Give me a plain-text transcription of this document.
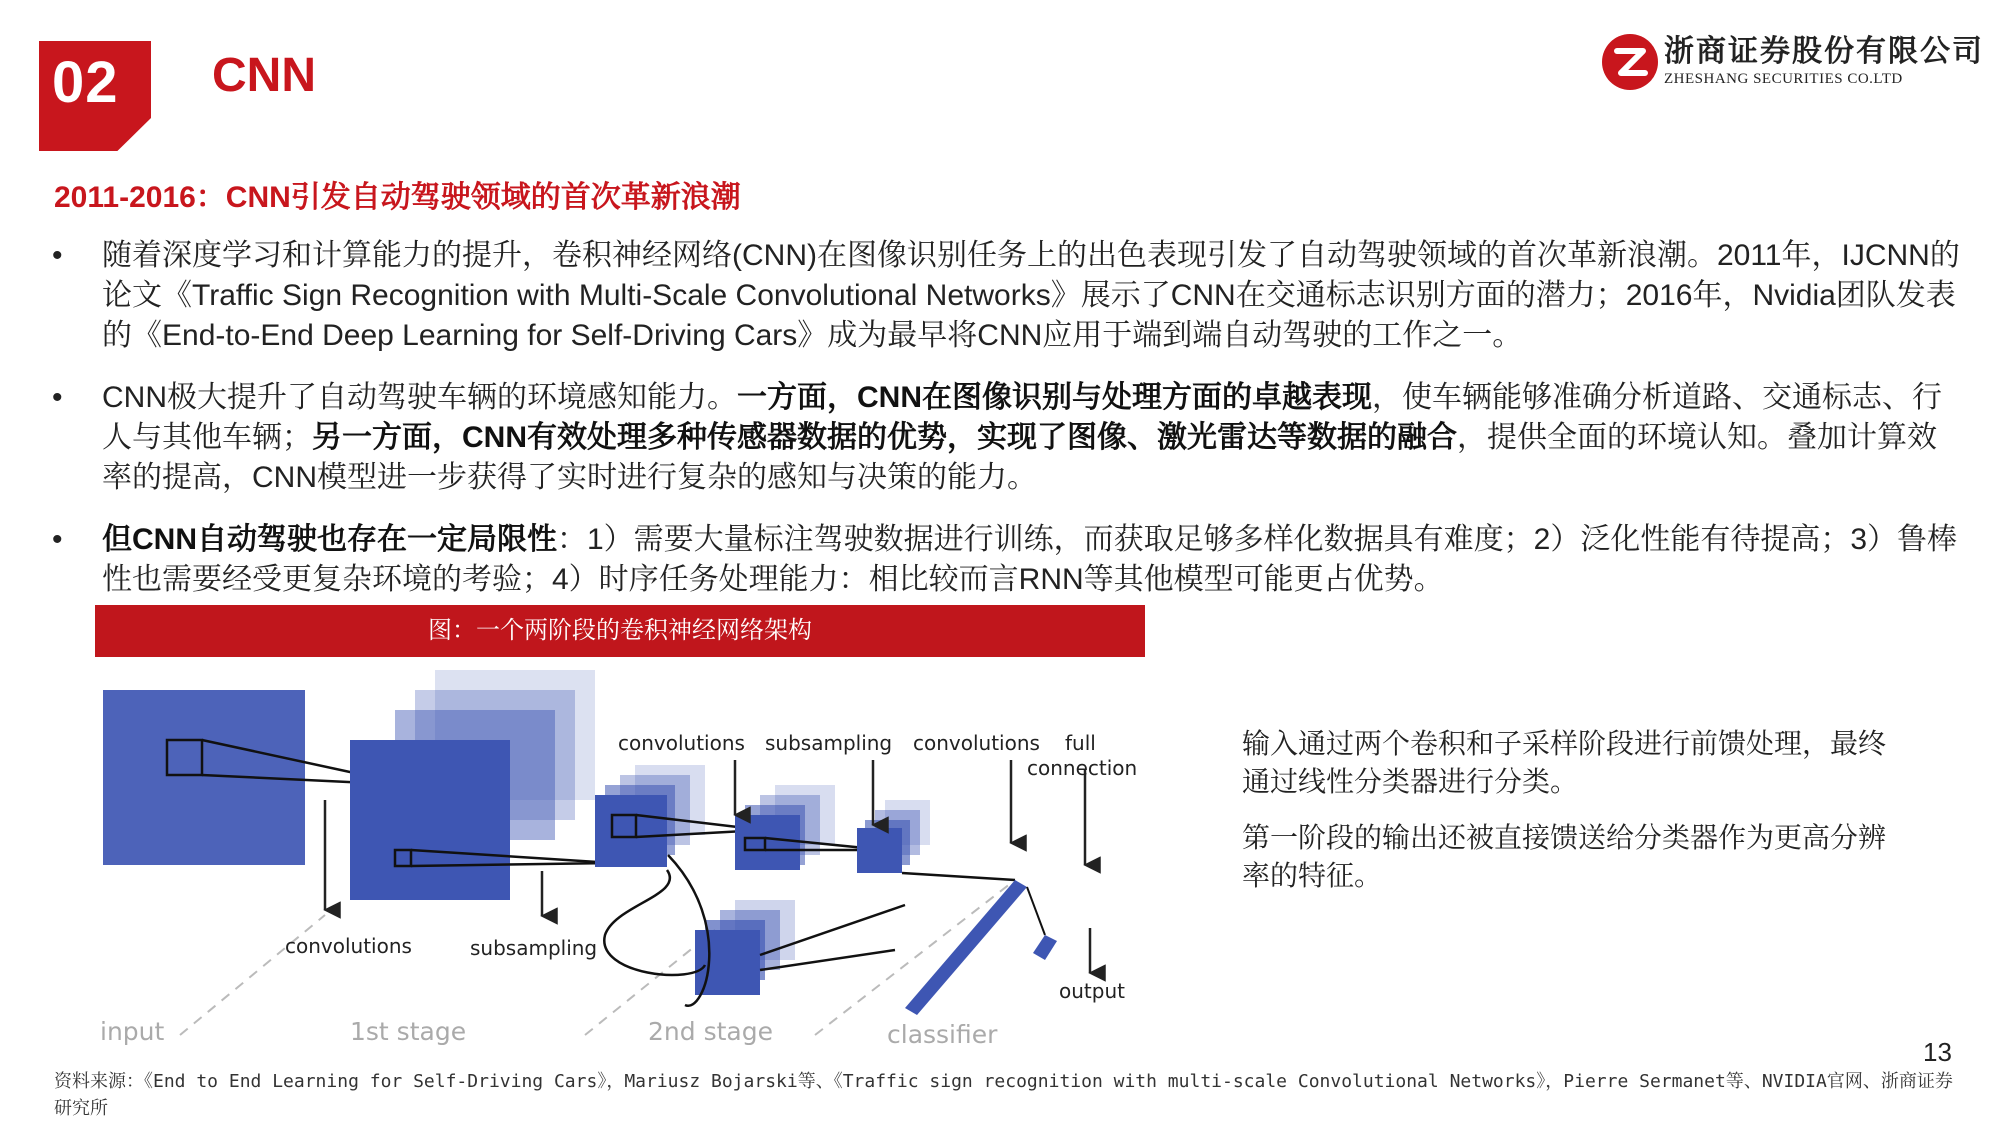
02 CNN	浙商证券股份有限公司
ZHESHANG SECURITIES CO.LTD
2011-2016：CNN引发自动驾驶领域的首次革新浪潮
•	随着深度学习和计算能力的提升，卷积神经网络(CNN)在图像识别任务上的出色表现引发了自动驾驶领域的首次革新浪潮。2011年，IJCNN的论文《Traffic Sign Recognition with Multi-Scale Convolutional Networks》展示了CNN在交通标志识别方面的潜力；2016年，Nvidia团队发表的《End-to-End Deep Learning for Self-Driving Cars》成为最早将CNN应用于端到端自动驾驶的工作之一。
•	CNN极大提升了自动驾驶车辆的环境感知能力。一方面，CNN在图像识别与处理方面的卓越表现，使车辆能够准确分析道路、交通标志、行人与其他车辆；另一方面，CNN有效处理多种传感器数据的优势，实现了图像、激光雷达等数据的融合，提供全面的环境认知。叠加计算效率的提高，CNN模型进一步获得了实时进行复杂的感知与决策的能力。
•	但CNN自动驾驶也存在一定局限性：1）需要大量标注驾驶数据进行训练，而获取足够多样化数据具有难度；2）泛化性能有待提高；3）鲁棒性也需要经受更复杂环境的考验；4）时序任务处理能力：相比较而言RNN等其他模型可能更占优势。
图：一个两阶段的卷积神经网络架构
convolutions subsampling convolutions full
connection
convolutions	subsampling
output
input	1st stage	2nd stage	classifier

输入通过两个卷积和子采样阶段进行前馈处理，最终通过线性分类器进行分类。

第一阶段的输出还被直接馈送给分类器作为更高分辨率的特征。

13
资料来源：《End to End Learning for Self-Driving Cars》，Mariusz Bojarski等、《Traffic sign recognition with multi-scale Convolutional Networks》，Pierre Sermanet等、NVIDIA官网、浙商证券研究所
